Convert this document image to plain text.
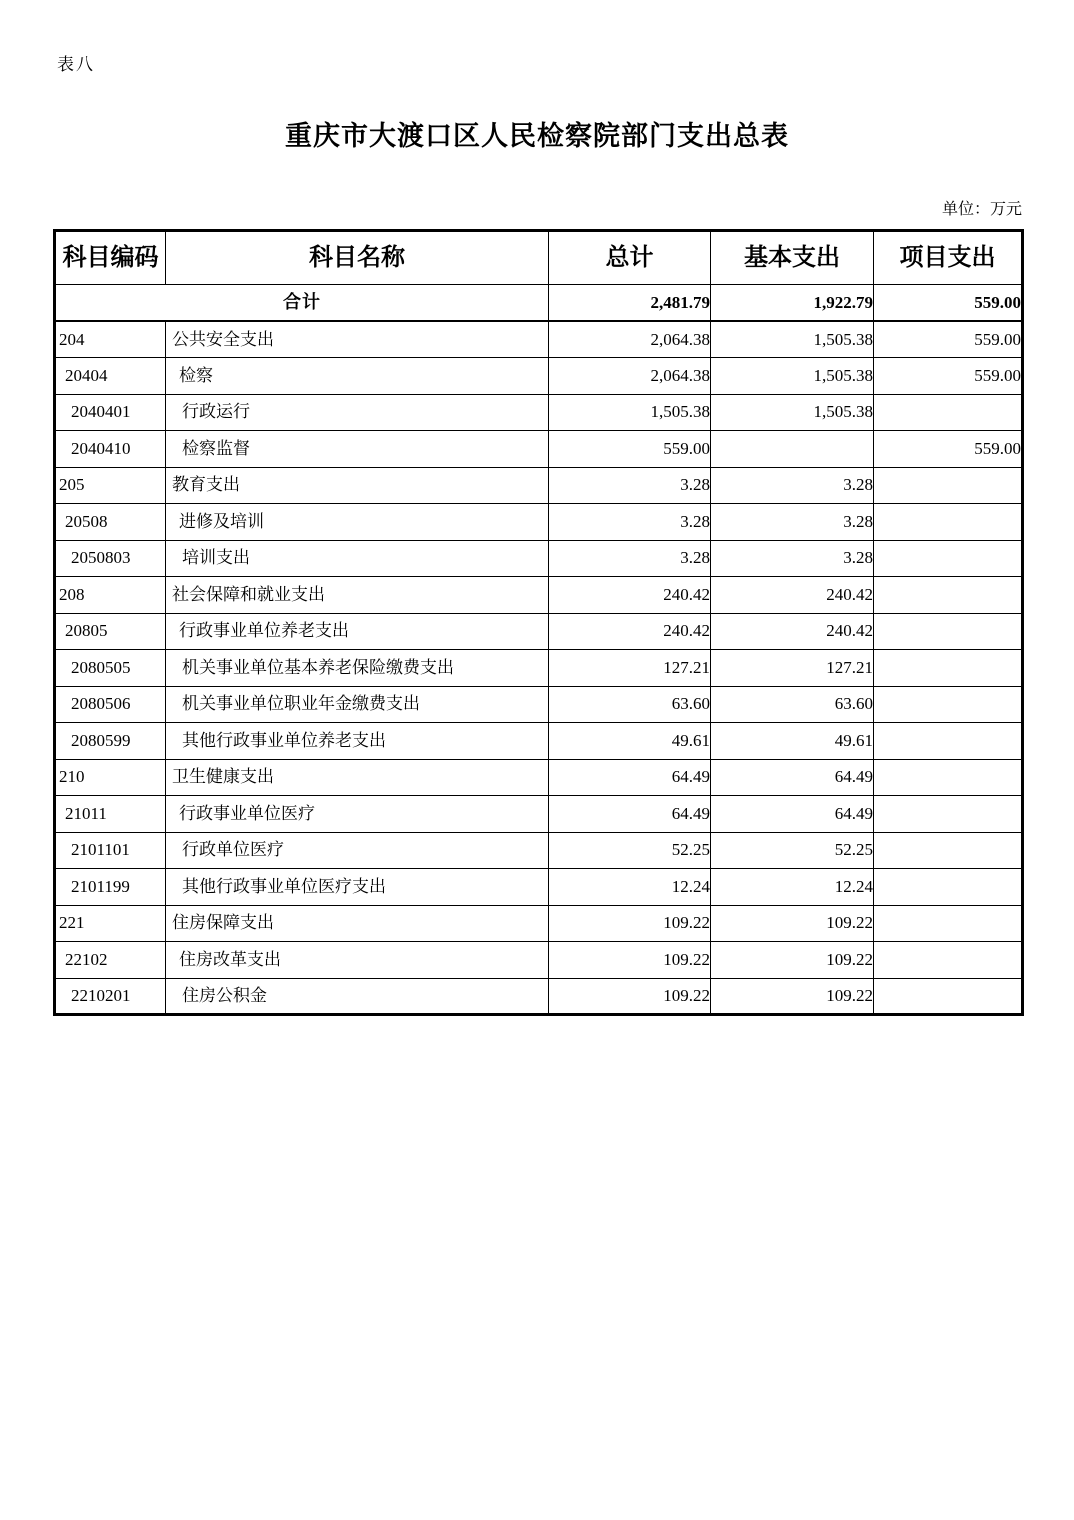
表八
重庆市大渡口区人民检察院部门支出总表
单位：万元
科目编码	科目名称	总计	基本支出	项目支出
合计		2,481.79	1,922.79	559.00
204	公共安全支出	2,064.38	1,505.38	559.00
20404	检察	2,064.38	1,505.38	559.00
2040401	行政运行	1,505.38	1,505.38	
2040410	检察监督	559.00		559.00
205	教育支出	3.28	3.28	
20508	进修及培训	3.28	3.28	
2050803	培训支出	3.28	3.28	
208	社会保障和就业支出	240.42	240.42	
20805	行政事业单位养老支出	240.42	240.42	
2080505	机关事业单位基本养老保险缴费支出	127.21	127.21	
2080506	机关事业单位职业年金缴费支出	63.60	63.60	
2080599	其他行政事业单位养老支出	49.61	49.61	
210	卫生健康支出	64.49	64.49	
21011	行政事业单位医疗	64.49	64.49	
2101101	行政单位医疗	52.25	52.25	
2101199	其他行政事业单位医疗支出	12.24	12.24	
221	住房保障支出	109.22	109.22	
22102	住房改革支出	109.22	109.22	
2210201	住房公积金	109.22	109.22	
